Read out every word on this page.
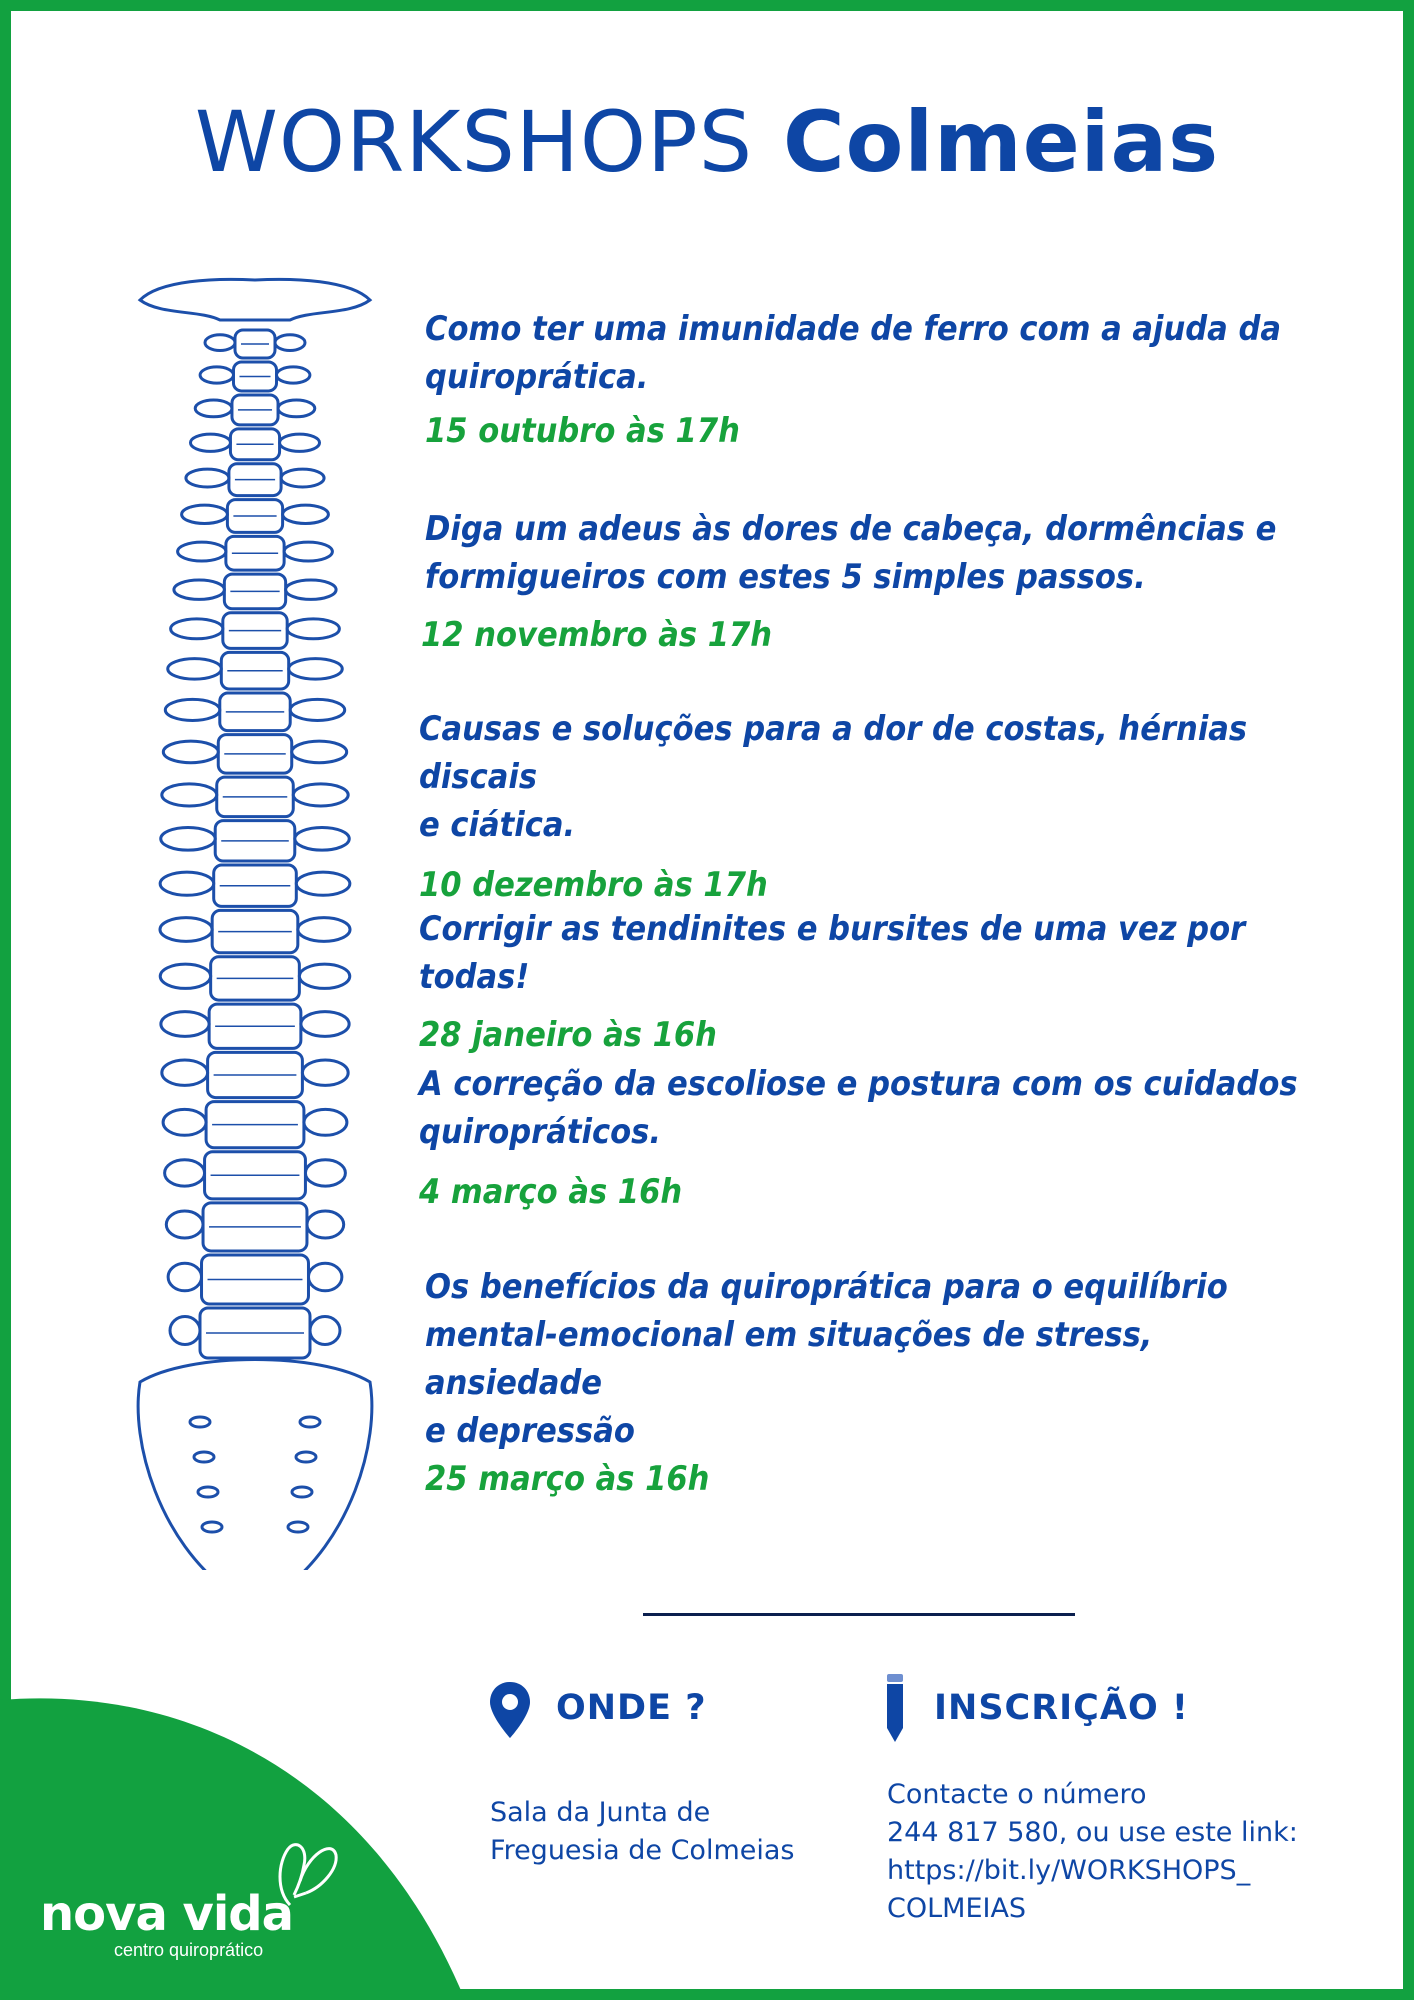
WORKSHOPS Colmeias
Como ter uma imunidade de ferro com a ajuda da
quiroprática.
15 outubro às 17h
Diga um adeus às dores de cabeça, dormências e
formigueiros com estes 5 simples passos.
12 novembro às 17h
Causas e soluções para a dor de costas, hérnias discais
e ciática.
10 dezembro às 17h
Corrigir as tendinites e bursites de uma vez por todas!
28 janeiro às 16h
A correção da escoliose e postura com os cuidados
quiropráticos.
4 março às 16h
Os benefícios da quiroprática para o equilíbrio
mental-emocional em situações de stress, ansiedade
e depressão
25 março às 16h
nova vida
centro quiroprático
ONDE ?
Sala da Junta de
Freguesia de Colmeias
INSCRIÇÃO !
Contacte o número
244 817 580, ou use este link:
https://bit.ly/WORKSHOPS_
COLMEIAS
